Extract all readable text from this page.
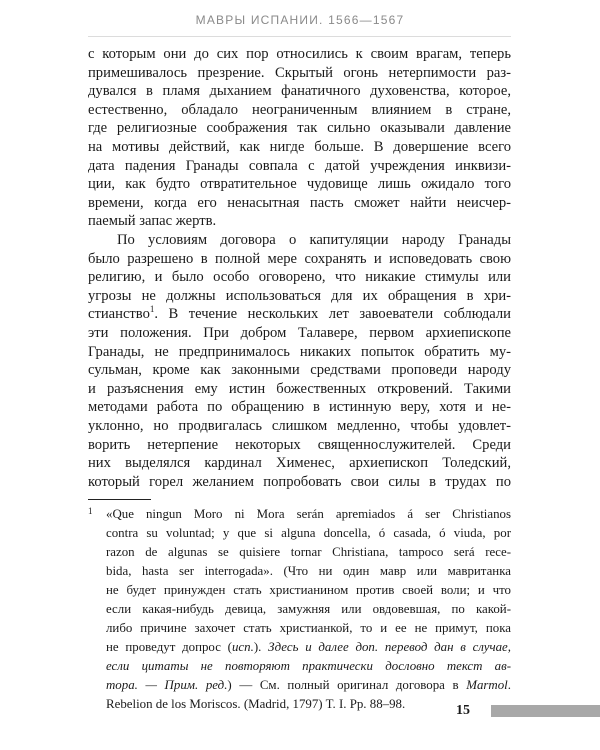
МАВРЫ ИСПАНИИ. 1566—1567
с которым они до сих пор относились к своим врагам, теперь
примешивалось презрение. Скрытый огонь нетерпимости раз-
дувался в пламя дыханием фанатичного духовенства, которое,
естественно, обладало неограниченным влиянием в стране,
где религиозные соображения так сильно оказывали давление
на мотивы действий, как нигде больше. В довершение всего
дата падения Гранады совпала с датой учреждения инквизи-
ции, как будто отвратительное чудовище лишь ожидало того
времени, когда его ненасытная пасть сможет найти неисчер-
паемый запас жертв.
По условиям договора о капитуляции народу Гранады
было разрешено в полной мере сохранять и исповедовать свою
религию, и было особо оговорено, что никакие стимулы или
угрозы не должны использоваться для их обращения в хри-
стианство$^1$. В течение нескольких лет завоеватели соблюдали
эти положения. При добром Талавере, первом архиепископе
Гранады, не предпринималось никаких попыток обратить му-
сульман, кроме как законными средствами проповеди народу
и разъяснения ему истин божественных откровений. Такими
методами работа по обращению в истинную веру, хотя и не-
уклонно, но продвигалась слишком медленно, чтобы удовлет-
ворить нетерпение некоторых священнослужителей. Среди
них выделялся кардинал Хименес, архиепископ Толедский,
который горел желанием попробовать свои силы в трудах по
1 «Que ningun Moro ni Mora serán apremiados á ser Christianos
contra su voluntad; y que si alguna doncella, ó casada, ó viuda, por
razon de algunas se quisiere tornar Christiana, tampoco será rece-
bida, hasta ser interrogada». (Что ни один мавр или мавританка
не будет принужден стать христианином против своей воли; и что
если какая-нибудь девица, замужняя или овдовевшая, по какой-
либо причине захочет стать христианкой, то и ее не примут, пока
не проведут допрос (исп.). Здесь и далее доп. перевод дан в случае,
если цитаты не повторяют практически дословно текст ав-
тора. — Прим. ред.) — См. полный оригинал договора в Marmol.
Rebelion de los Moriscos. (Madrid, 1797) T. I. Pp. 88–98.	15
